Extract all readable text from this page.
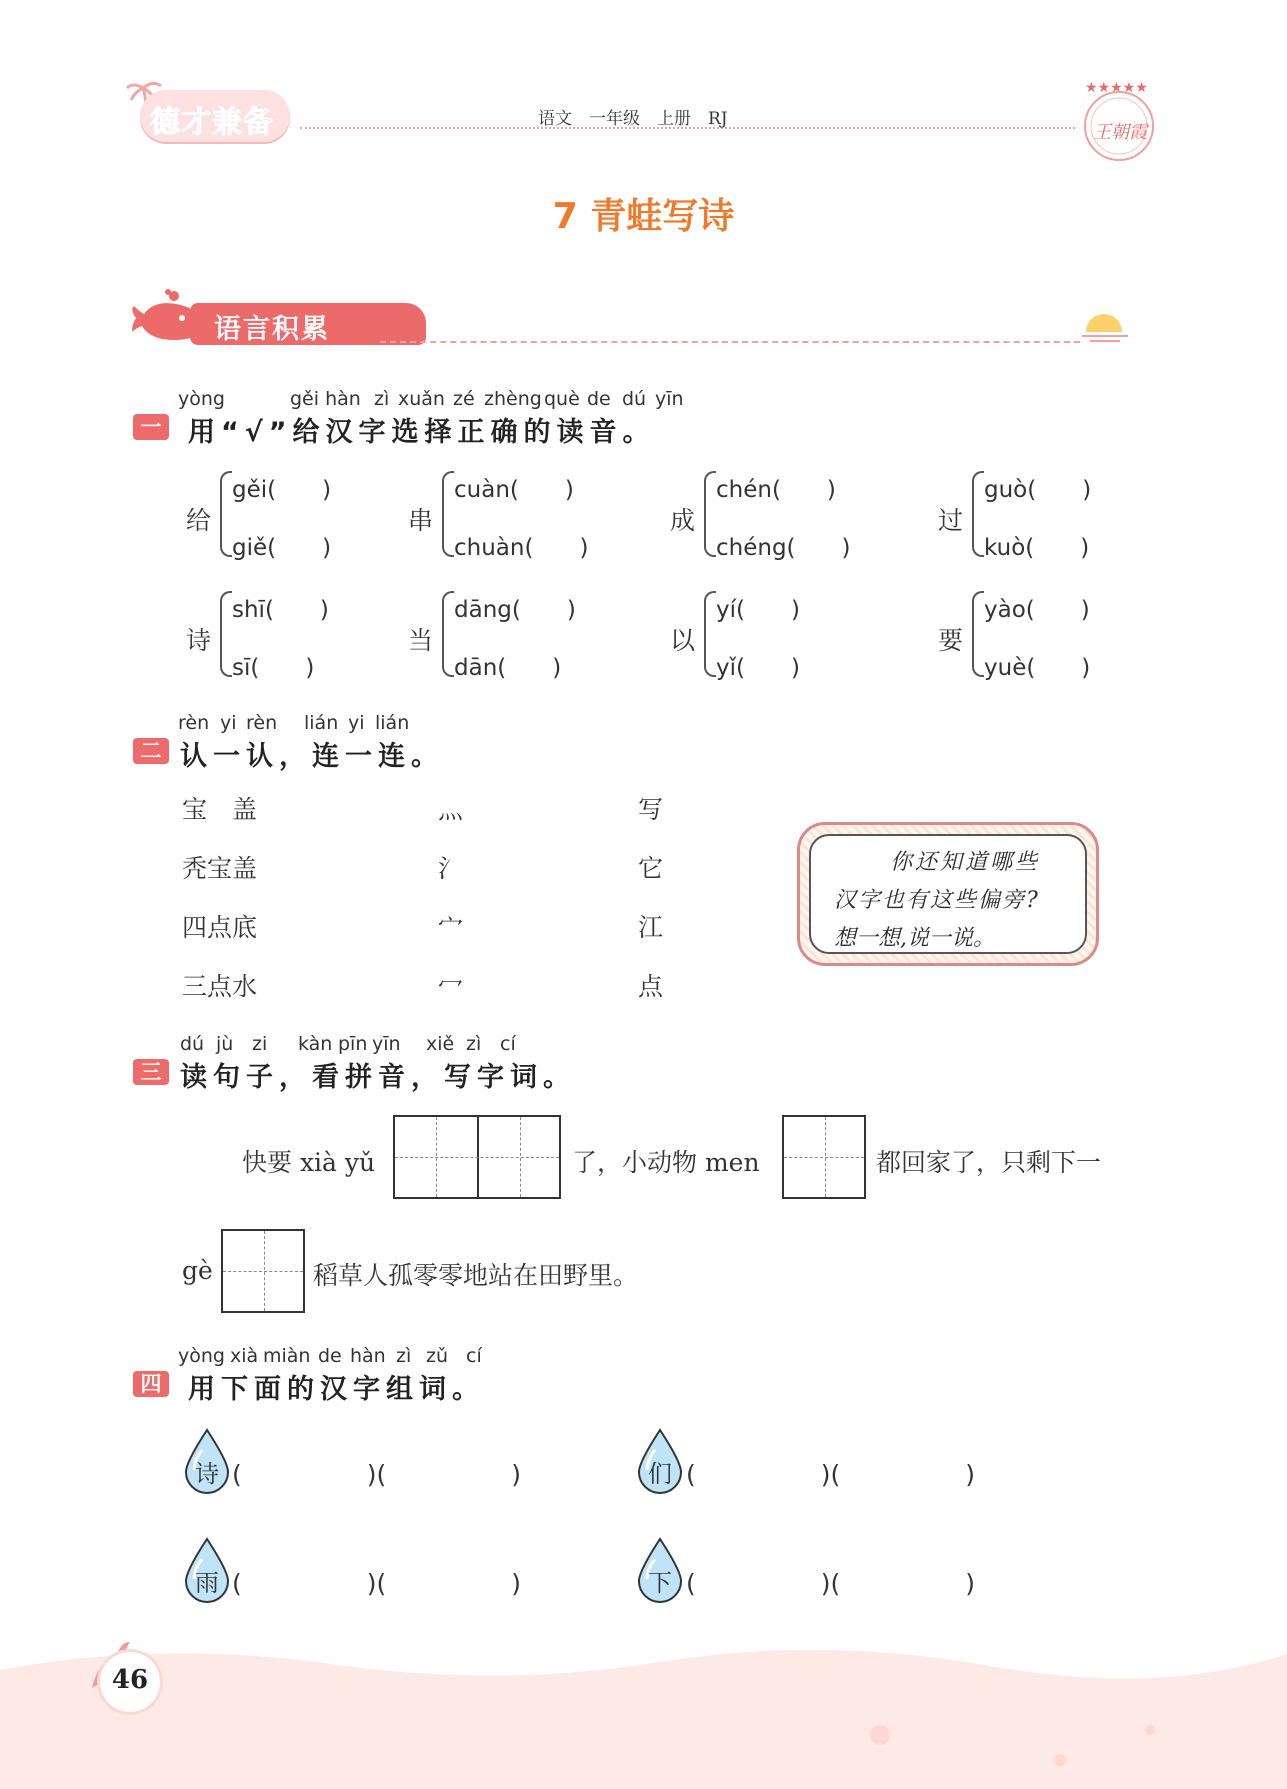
德才兼备	语文　一年级　上册　RJ
★★★★★
王朝霞
7 青蛙写诗
语言积累
yòng	gěi hàn zì xuǎn zé zhèng què de dú yīn
一 用“√”给汉字选择正确的读音。
给
gěi(　　)
giě(　　)
串
cuàn(　　)
chuàn(　　)
成
chén(　　)
chéng(　　)
过
guò(　　)
kuò(　　)
诗
shī(　　)
sī(　　)
当
dāng(　　)
dān(　　)
以
yí(　　)
yǐ(　　)
要
yào(　　)
yuè(　　)
rèn yi rèn lián yi lián
二 认一认，连一连。
宝　盖
秃宝盖
四点底
三点水
灬
氵
宀
冖
写
它
江
点
你还知道哪些
汉字也有这些偏旁?
想一想,说一说。
dú jù zi kàn pīn yīn xiě zì cí
三 读句子，看拼音，写字词。
快要 xià yǔ	了，小动物 men	都回家了，只剩下一
gè	稻草人孤零零地站在田野里。
yòng xià miàn de hàn zì zǔ cí
四 用下面的汉字组词。
诗 (　　　　　)(　　　　　)	们 (　　　　　)(　　　　　)
雨 (　　　　　)(　　　　　)	下 (　　　　　)(　　　　　)
46
